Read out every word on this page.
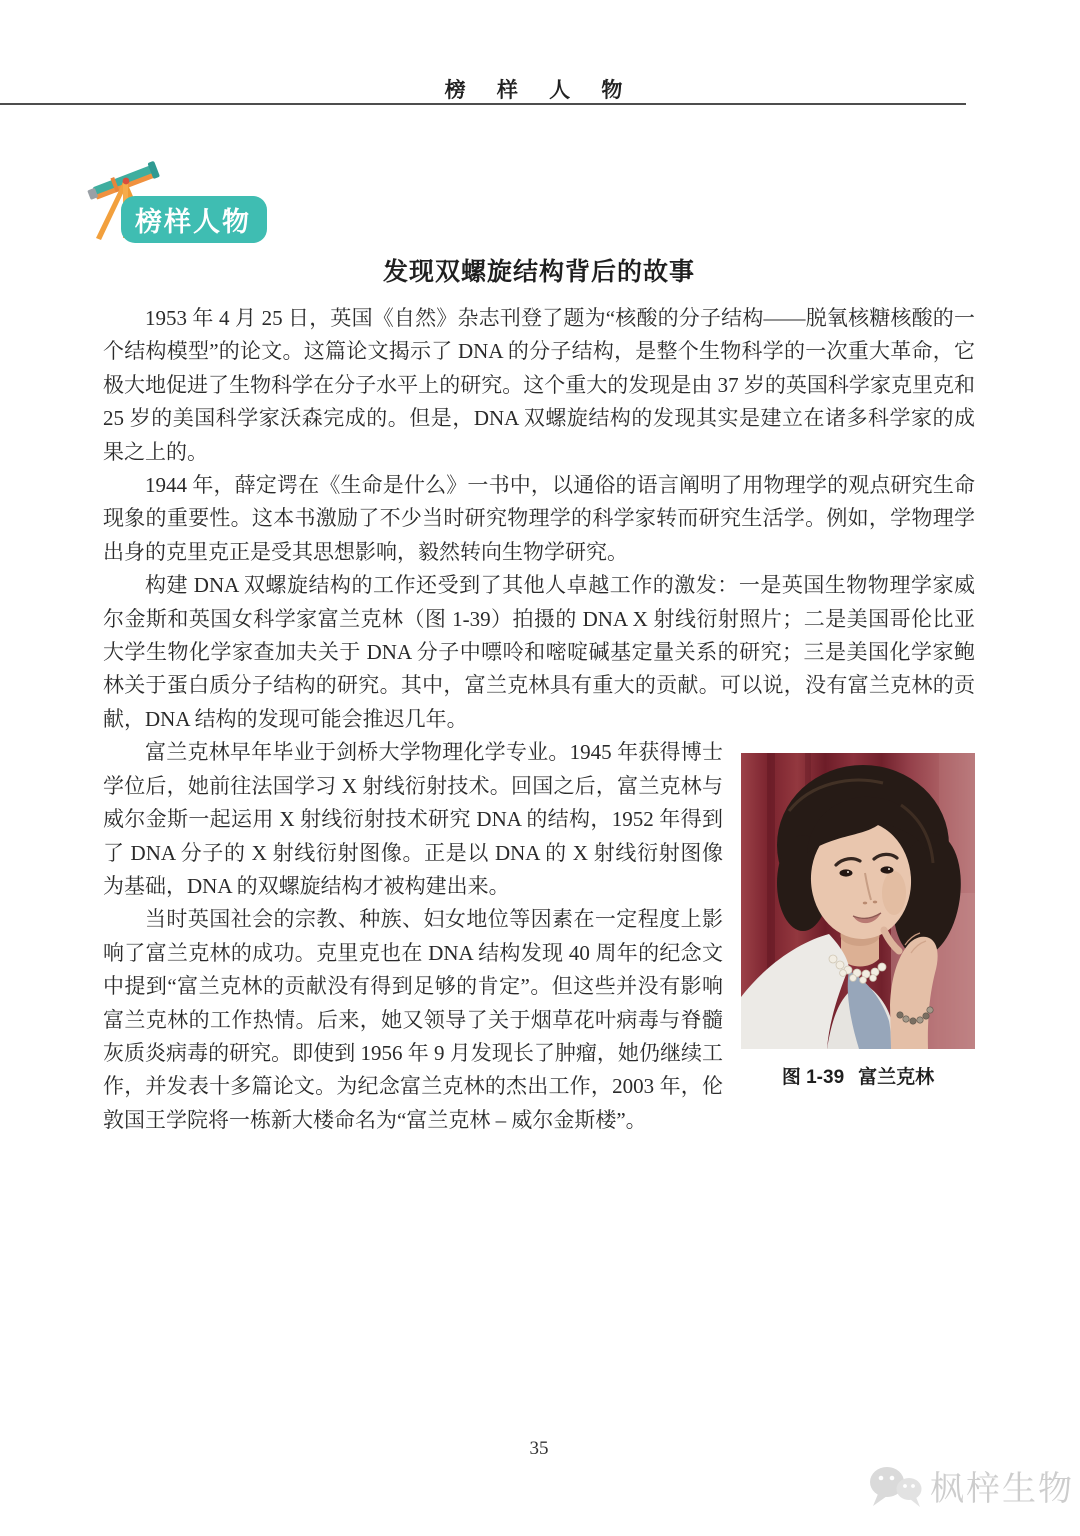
榜 样 人 物
榜样人物
发现双螺旋结构背后的故事

1953 年 4 月 25 日，英国《自然》杂志刊登了题为“核酸的分子结构——脱氧核糖核酸的一个结构模型”的论文。这篇论文揭示了 DNA 的分子结构，是整个生物科学的一次重大革命，它极大地促进了生物科学在分子水平上的研究。这个重大的发现是由 37 岁的英国科学家克里克和 25 岁的美国科学家沃森完成的。但是，DNA 双螺旋结构的发现其实是建立在诸多科学家的成果之上的。

1944 年，薛定谔在《生命是什么》一书中，以通俗的语言阐明了用物理学的观点研究生命现象的重要性。这本书激励了不少当时研究物理学的科学家转而研究生活学。例如，学物理学出身的克里克正是受其思想影响，毅然转向生物学研究。

构建 DNA 双螺旋结构的工作还受到了其他人卓越工作的激发：一是英国生物物理学家威尔金斯和英国女科学家富兰克林（图 1-39）拍摄的 DNA X 射线衍射照片；二是美国哥伦比亚大学生物化学家查加夫关于 DNA 分子中嘌呤和嘧啶碱基定量关系的研究；三是美国化学家鲍林关于蛋白质分子结构的研究。其中，富兰克林具有重大的贡献。可以说，没有富兰克林的贡献，DNA 结构的发现可能会推迟几年。

图 1-39 富兰克林

富兰克林早年毕业于剑桥大学物理化学专业。1945 年获得博士学位后，她前往法国学习 X 射线衍射技术。回国之后，富兰克林与威尔金斯一起运用 X 射线衍射技术研究 DNA 的结构，1952 年得到了 DNA 分子的 X 射线衍射图像。正是以 DNA 的 X 射线衍射图像为基础，DNA 的双螺旋结构才被构建出来。

当时英国社会的宗教、种族、妇女地位等因素在一定程度上影响了富兰克林的成功。克里克也在 DNA 结构发现 40 周年的纪念文中提到“富兰克林的贡献没有得到足够的肯定”。但这些并没有影响富兰克林的工作热情。后来，她又领导了关于烟草花叶病毒与脊髓灰质炎病毒的研究。即使到 1956 年 9 月发现长了肿瘤，她仍继续工作，并发表十多篇论文。为纪念富兰克林的杰出工作，2003 年，伦敦国王学院将一栋新大楼命名为“富兰克林 – 威尔金斯楼”。

35
枫梓生物
